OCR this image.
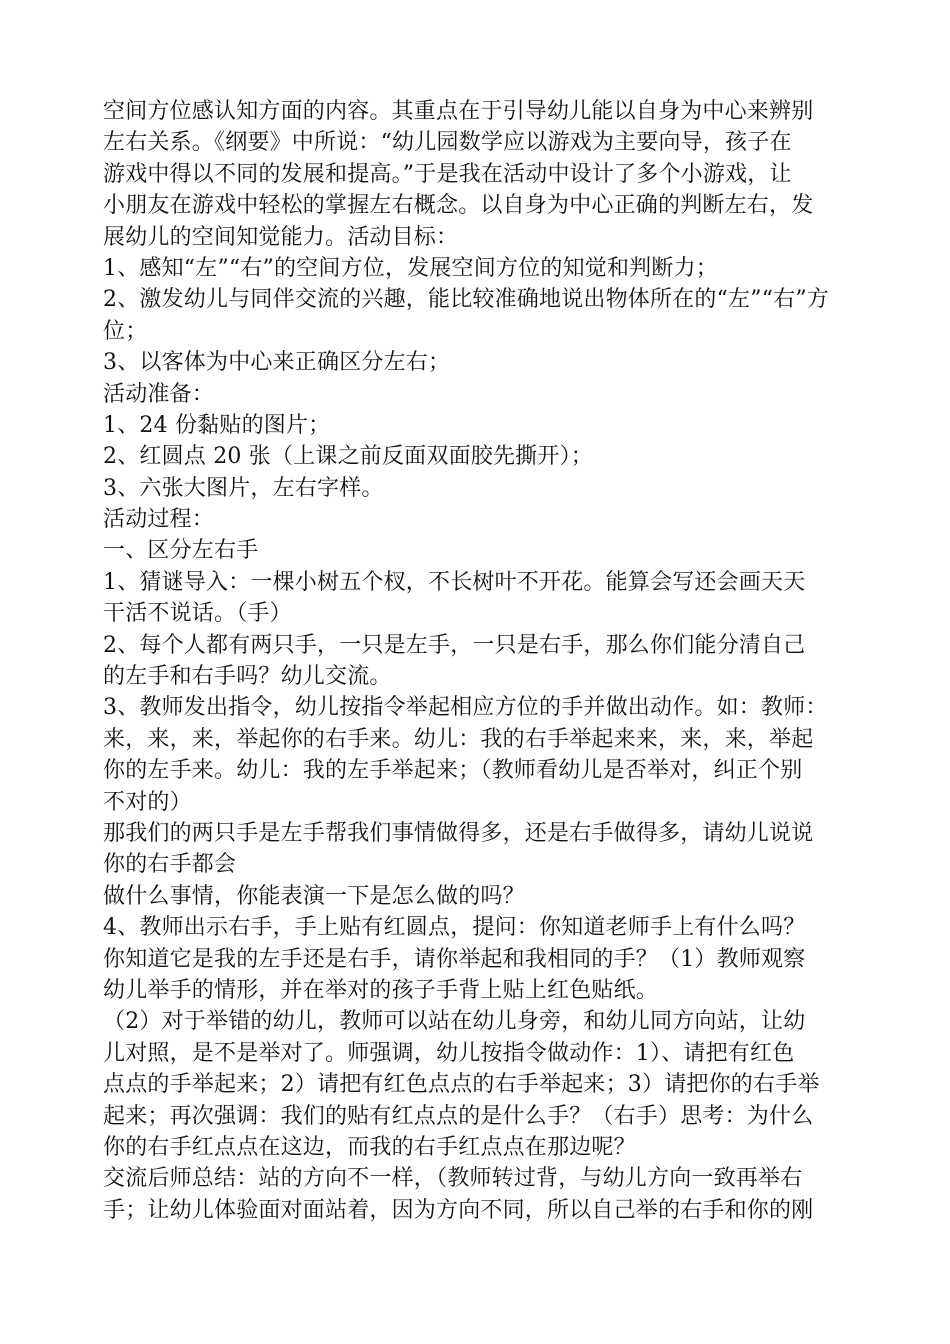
空间方位感认知方面的内容。其重点在于引导幼儿能以自身为中心来辨别
左右关系。《纲要》中所说：“幼儿园数学应以游戏为主要向导，孩子在
游戏中得以不同的发展和提高。”于是我在活动中设计了多个小游戏，让
小朋友在游戏中轻松的掌握左右概念。以自身为中心正确的判断左右，发
展幼儿的空间知觉能力。活动目标：
1、感知“左”“右”的空间方位，发展空间方位的知觉和判断力；
2、激发幼儿与同伴交流的兴趣，能比较准确地说出物体所在的“左”“右”方
位；
3、以客体为中心来正确区分左右；
活动准备：
1、24 份黏贴的图片；
2、红圆点 20 张（上课之前反面双面胶先撕开）；
3、六张大图片，左右字样。
活动过程：
一、区分左右手
1、猜谜导入：一棵小树五个杈，不长树叶不开花。能算会写还会画天天
干活不说话。（手）
2、每个人都有两只手，一只是左手，一只是右手，那么你们能分清自己
的左手和右手吗？幼儿交流。
3、教师发出指令，幼儿按指令举起相应方位的手并做出动作。如：教师：
来，来，来，举起你的右手来。幼儿：我的右手举起来来，来，来，举起
你的左手来。幼儿：我的左手举起来；（教师看幼儿是否举对，纠正个别
不对的）
那我们的两只手是左手帮我们事情做得多，还是右手做得多，请幼儿说说
你的右手都会
做什么事情，你能表演一下是怎么做的吗？
4、教师出示右手，手上贴有红圆点，提问：你知道老师手上有什么吗？
你知道它是我的左手还是右手，请你举起和我相同的手？（1）教师观察
幼儿举手的情形，并在举对的孩子手背上贴上红色贴纸。
（2）对于举错的幼儿，教师可以站在幼儿身旁，和幼儿同方向站，让幼
儿对照，是不是举对了。师强调，幼儿按指令做动作：1）、请把有红色
点点的手举起来；2）请把有红色点点的右手举起来；3）请把你的右手举
起来；再次强调：我们的贴有红点点的是什么手？（右手）思考：为什么
你的右手红点点在这边，而我的右手红点点在那边呢？
交流后师总结：站的方向不一样，（教师转过背，与幼儿方向一致再举右
手；让幼儿体验面对面站着，因为方向不同，所以自己举的右手和你的刚
